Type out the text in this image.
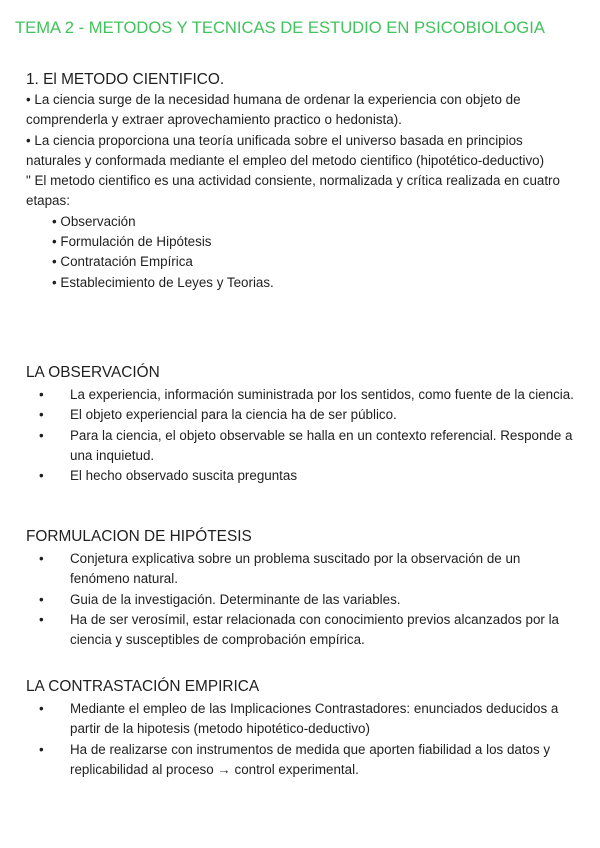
TEMA 2 - METODOS Y TECNICAS DE ESTUDIO EN PSICOBIOLOGIA
1. El METODO CIENTIFICO.

• La ciencia surge de la necesidad humana de ordenar la experiencia con objeto de comprenderla y extraer aprovechamiento practico o hedonista).

• La ciencia proporciona una teoría unificada sobre el universo basada en principios

naturales y conformada mediante el empleo del metodo cientifico (hipotético-deductivo)

" El metodo cientifico es una actividad consiente, normalizada y crítica realizada en cuatro etapas:

• Observación
• Formulación de Hipótesis
• Contratación Empírica
• Establecimiento de Leyes y Teorias.
LA OBSERVACIÓN
• La experiencia, información suministrada por los sentidos, como fuente de la ciencia.
• El objeto experiencial para la ciencia ha de ser público.
• Para la ciencia, el objeto observable se halla en un contexto referencial. Responde a una inquietud.
• El hecho observado suscita preguntas
FORMULACION DE HIPÓTESIS
• Conjetura explicativa sobre un problema suscitado por la observación de un fenómeno natural.
• Guia de la investigación. Determinante de las variables.
• Ha de ser verosímil, estar relacionada con conocimiento previos alcanzados por la ciencia y susceptibles de comprobación empírica.
LA CONTRASTACIÓN EMPIRICA
• Mediante el empleo de las Implicaciones Contrastadores: enunciados deducidos a partir de la hipotesis (metodo hipotético-deductivo)
• Ha de realizarse con instrumentos de medida que aporten fiabilidad a los datos y replicabilidad al proceso → control experimental.
